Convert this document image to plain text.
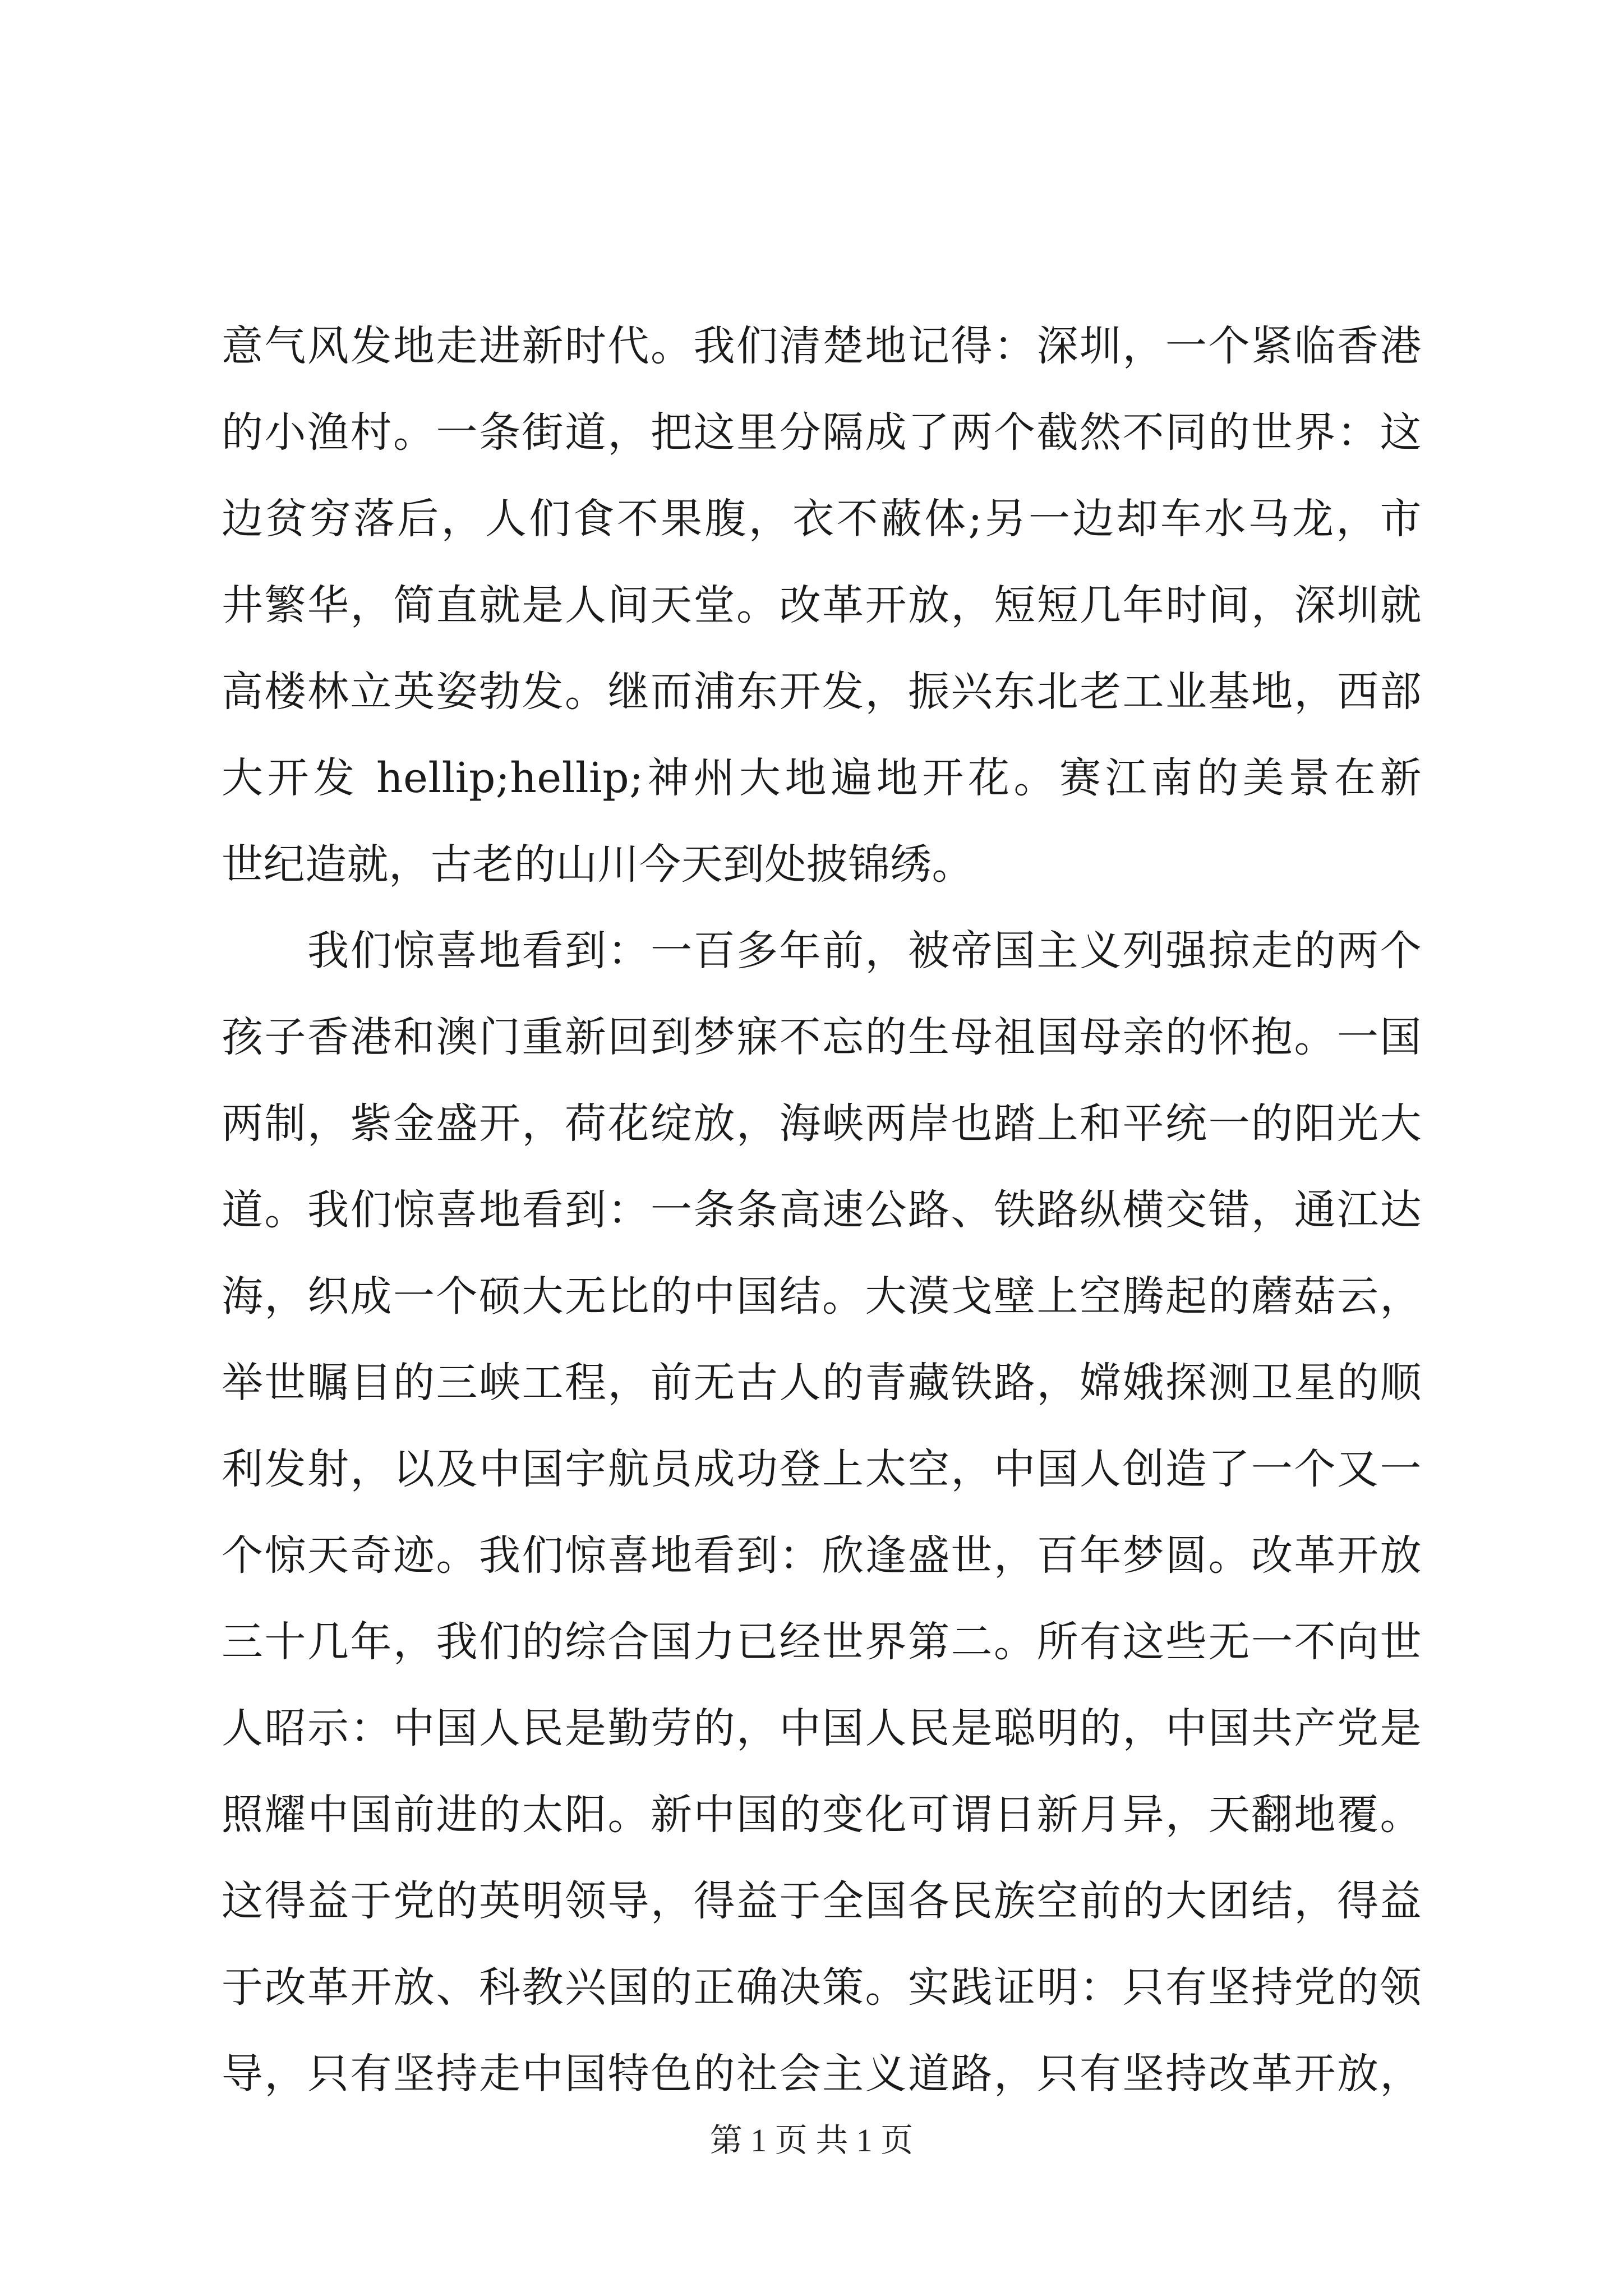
意气风发地走进新时代。我们清楚地记得：深圳，一个紧临香港
的小渔村。一条街道，把这里分隔成了两个截然不同的世界：这
边贫穷落后，人们食不果腹，衣不蔽体;另一边却车水马龙，市
井繁华，简直就是人间天堂。改革开放，短短几年时间，深圳就
高楼林立英姿勃发。继而浦东开发，振兴东北老工业基地，西部
大开发 hellip;hellip;神州大地遍地开花。赛江南的美景在新
世纪造就，古老的山川今天到处披锦绣。
　　我们惊喜地看到：一百多年前，被帝国主义列强掠走的两个
孩子香港和澳门重新回到梦寐不忘的生母祖国母亲的怀抱。一国
两制，紫金盛开，荷花绽放，海峡两岸也踏上和平统一的阳光大
道。我们惊喜地看到：一条条高速公路、铁路纵横交错，通江达
海，织成一个硕大无比的中国结。大漠戈壁上空腾起的蘑菇云，
举世瞩目的三峡工程，前无古人的青藏铁路，嫦娥探测卫星的顺
利发射，以及中国宇航员成功登上太空，中国人创造了一个又一
个惊天奇迹。我们惊喜地看到：欣逢盛世，百年梦圆。改革开放
三十几年，我们的综合国力已经世界第二。所有这些无一不向世
人昭示：中国人民是勤劳的，中国人民是聪明的，中国共产党是
照耀中国前进的太阳。新中国的变化可谓日新月异，天翻地覆。
这得益于党的英明领导，得益于全国各民族空前的大团结，得益
于改革开放、科教兴国的正确决策。实践证明：只有坚持党的领
导，只有坚持走中国特色的社会主义道路，只有坚持改革开放，
第 1 页 共 1 页
